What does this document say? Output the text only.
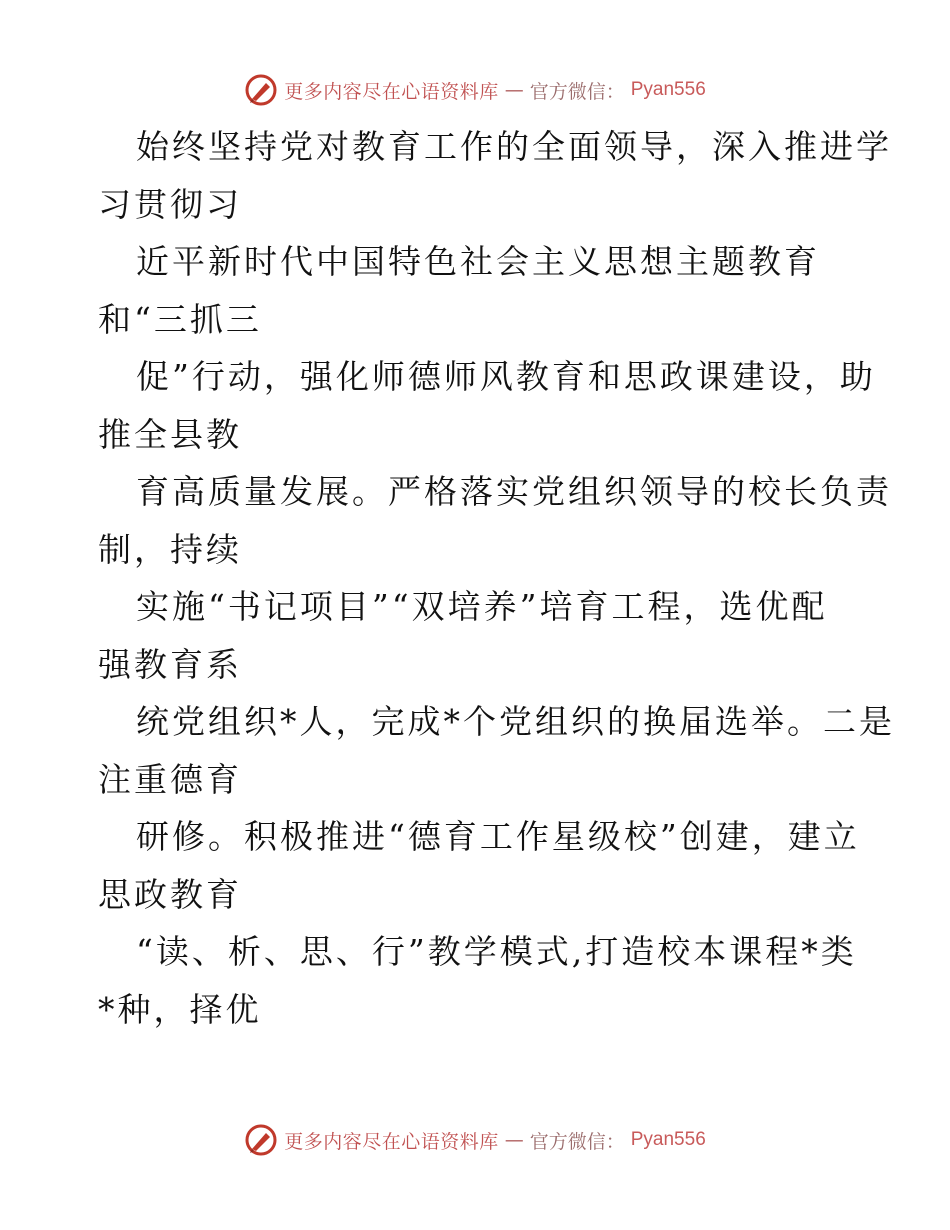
更多内容尽在心语资料库 — 官方微信： Pyan556
始终坚持党对教育工作的全面领导，深入推进学
习贯彻习
近平新时代中国特色社会主义思想主题教育
和“三抓三
促”行动，强化师德师风教育和思政课建设，助
推全县教
育高质量发展。严格落实党组织领导的校长负责
制，持续
实施“书记项目”“双培养”培育工程，选优配
强教育系
统党组织*人，完成*个党组织的换届选举。二是
注重德育
研修。积极推进“德育工作星级校”创建，建立
思政教育
“读、析、思、行”教学模式,打造校本课程*类
*种，择优
更多内容尽在心语资料库 — 官方微信： Pyan556
